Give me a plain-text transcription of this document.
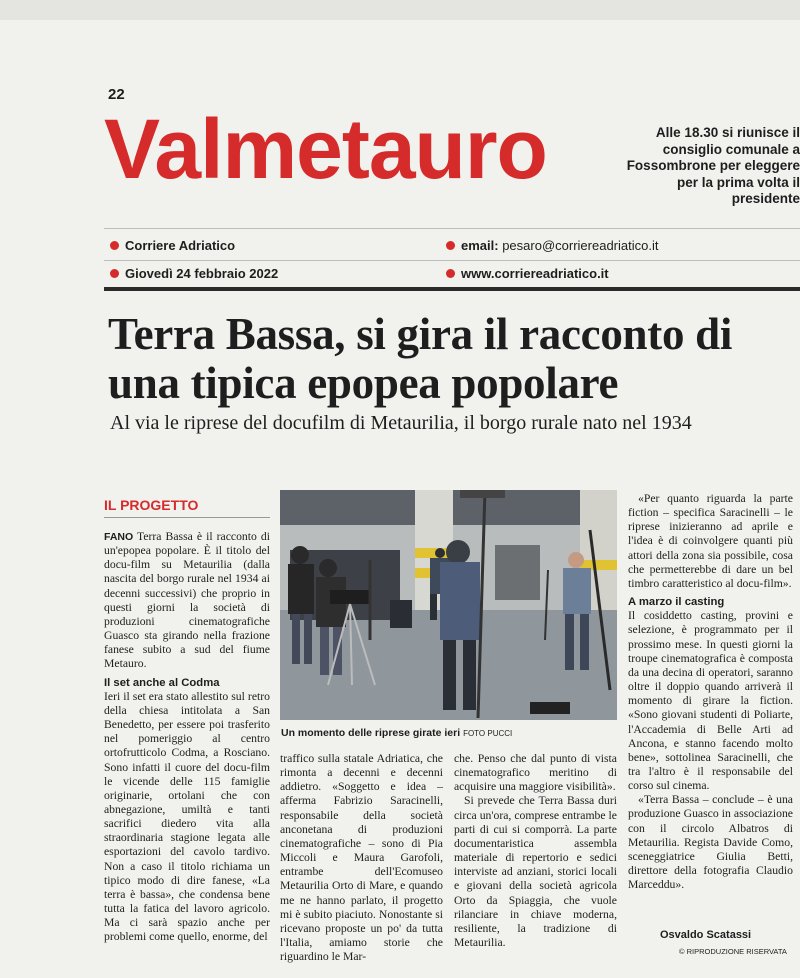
22
Valmetauro	Alle 18.30 si riunisce il consiglio comunale a Fossombrone per eleggere per la prima volta il presidente
Corriere Adriatico	email: pesaro@corriereadriatico.it
Giovedì 24 febbraio 2022	www.corriereadriatico.it
Terra Bassa, si gira il racconto di una tipica epopea popolare
Al via le riprese del docufilm di Metaurilia, il borgo rurale nato nel 1934
IL PROGETTO

FANO Terra Bassa è il racconto di un'epopea popolare. È il titolo del docu-film su Metaurilia (dalla nascita del borgo rurale nel 1934 ai decenni successivi) che proprio in questi giorni la società di produzioni cinematografiche Guasco sta girando nella frazione fanese subito a sud del fiume Metauro.

Il set anche al Codma

Ieri il set era stato allestito sul retro della chiesa intitolata a San Benedetto, per essere poi trasferito nel pomeriggio al centro ortofrutticolo Codma, a Rosciano. Sono infatti il cuore del docu-film le vicende delle 115 famiglie originarie, ortolani che con abnegazione, umiltà e tanti sacrifici diedero vita alla straordinaria stagione legata alle esportazioni del cavolo tardivo. Non a caso il titolo richiama un tipico modo di dire fanese, «La terra è bassa», che condensa bene tutta la fatica del lavoro agricolo. Ma ci sarà spazio anche per problemi come quello, enorme, del

Un momento delle riprese girate ieri FOTO PUCCI

traffico sulla statale Adriatica, che rimonta a decenni e decenni addietro. «Soggetto e idea – afferma Fabrizio Saracinelli, responsabile della società anconetana di produzioni cinematografiche – sono di Pia Miccoli e Maura Garofoli, entrambe dell'Ecomuseo Metaurilia Orto di Mare, e quando me ne hanno parlato, il progetto mi è subito piaciuto. Nonostante si ricevano proposte un po' da tutta l'Italia, amiamo storie che riguardino le Mar-

che. Penso che dal punto di vista cinematografico meritino di acquisire una maggiore visibilità».

Si prevede che Terra Bassa duri circa un'ora, comprese entrambe le parti di cui si comporrà. La parte documentaristica assembla materiale di repertorio e sedici interviste ad anziani, storici locali e giovani della società agricola Orto da Spiaggia, che vuole rilanciare in chiave moderna, resiliente, la tradizione di Metaurilia.

«Per quanto riguarda la parte fiction – specifica Saracinelli – le riprese inizieranno ad aprile e l'idea è di coinvolgere quanti più attori della zona sia possibile, cosa che permetterebbe di dare un bel timbro caratteristico al docu-film».

A marzo il casting

Il cosiddetto casting, provini e selezione, è programmato per il prossimo mese. In questi giorni la troupe cinematografica è composta da una decina di operatori, saranno oltre il doppio quando arriverà il momento di girare la fiction. «Sono giovani studenti di Poliarte, l'Accademia di Belle Arti ad Ancona, e stanno facendo molto bene», sottolinea Saracinelli, che tra l'altro è il responsabile del corso sul cinema.

«Terra Bassa – conclude – è una produzione Guasco in associazione con il circolo Albatros di Metaurilia. Regista Davide Como, sceneggiatrice Giulia Betti, direttore della fotografia Claudio Marceddu».

Osvaldo Scatassi
© RIPRODUZIONE RISERVATA
